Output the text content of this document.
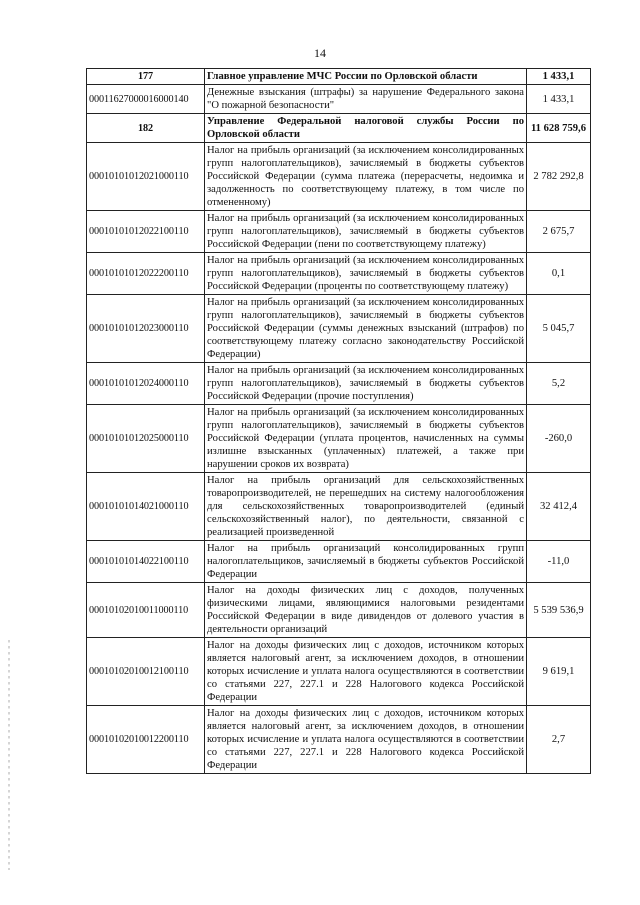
14
177	Главное управление МЧС России по Орловской области	1 433,1
00011627000016000140	Денежные взыскания (штрафы) за нарушение Федерального закона "О пожарной безопасности"	1 433,1
182	Управление Федеральной налоговой службы России по Орловской области	11 628 759,6
00010101012021000110	Налог на прибыль организаций (за исключением консолидированных групп налогоплательщиков), зачисляемый в бюджеты субъектов Российской Федерации (сумма платежа (перерасчеты, недоимка и задолженность по соответствующему платежу, в том числе по отмененному)	2 782 292,8
00010101012022100110	Налог на прибыль организаций (за исключением консолидированных групп налогоплательщиков), зачисляемый в бюджеты субъектов Российской Федерации (пени по соответствующему платежу)	2 675,7
00010101012022200110	Налог на прибыль организаций (за исключением консолидированных групп налогоплательщиков), зачисляемый в бюджеты субъектов Российской Федерации (проценты по соответствующему платежу)	0,1
00010101012023000110	Налог на прибыль организаций (за исключением консолидированных групп налогоплательщиков), зачисляемый в бюджеты субъектов Российской Федерации (суммы денежных взысканий (штрафов) по соответствующему платежу согласно законодательству Российской Федерации)	5 045,7
00010101012024000110	Налог на прибыль организаций (за исключением консолидированных групп налогоплательщиков), зачисляемый в бюджеты субъектов Российской Федерации (прочие поступления)	5,2
00010101012025000110	Налог на прибыль организаций (за исключением консолидированных групп налогоплательщиков), зачисляемый в бюджеты субъектов Российской Федерации (уплата процентов, начисленных на суммы излишне взысканных (уплаченных) платежей, а также при нарушении сроков их возврата)	-260,0
00010101014021000110	Налог на прибыль организаций для сельскохозяйственных товаропроизводителей, не перешедших на систему налогообложения для сельскохозяйственных товаропроизводителей (единый сельскохозяйственный налог), по деятельности, связанной с реализацией произведенной	32 412,4
00010101014022100110	Налог на прибыль организаций консолидированных групп налогоплательщиков, зачисляемый в бюджеты субъектов Российской Федерации	-11,0
00010102010011000110	Налог на доходы физических лиц с доходов, полученных физическими лицами, являющимися налоговыми резидентами Российской Федерации в виде дивидендов от долевого участия в деятельности организаций	5 539 536,9
00010102010012100110	Налог на доходы физических лиц с доходов, источником которых является налоговый агент, за исключением доходов, в отношении которых исчисление и уплата налога осуществляются в соответствии со статьями 227, 227.1 и 228 Налогового кодекса Российской Федерации	9 619,1
00010102010012200110	Налог на доходы физических лиц с доходов, источником которых является налоговый агент, за исключением доходов, в отношении которых исчисление и уплата налога осуществляются в соответствии со статьями 227, 227.1 и 228 Налогового кодекса Российской Федерации	2,7
